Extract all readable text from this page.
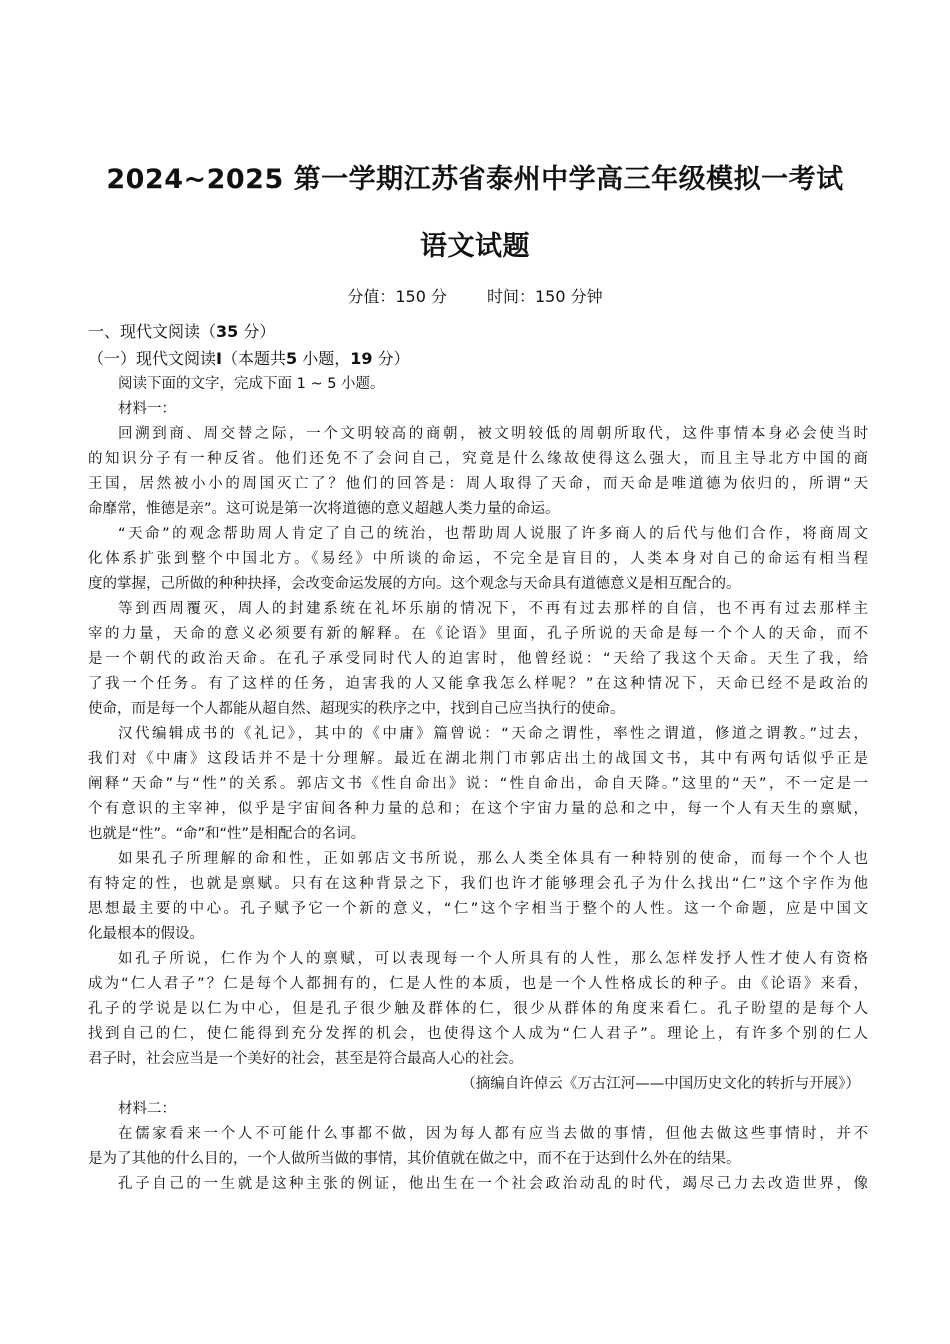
2024~2025 第一学期江苏省泰州中学高三年级模拟一考试
语文试题
分值：150 分	时间：150 分钟
一、现代文阅读（35 分）
（一）现代文阅读I（本题共5 小题，19 分）
阅读下面的文字，完成下面 1 ~ 5 小题。
材料一：
回溯到商、周交替之际，一个文明较高的商朝，被文明较低的周朝所取代，这件事情本身必会使当时
的知识分子有一种反省。他们还免不了会问自己，究竟是什么缘故使得这么强大，而且主导北方中国的商
王国，居然被小小的周国灭亡了？他们的回答是：周人取得了天命，而天命是唯道德为依归的，所谓“天
命靡常，惟德是亲”。这可说是第一次将道德的意义超越人类力量的命运。
“天命”的观念帮助周人肯定了自己的统治，也帮助周人说服了许多商人的后代与他们合作，将商周文
化体系扩张到整个中国北方。《易经》中所谈的命运，不完全是盲目的，人类本身对自己的命运有相当程
度的掌握，己所做的种种抉择，会改变命运发展的方向。这个观念与天命具有道德意义是相互配合的。
等到西周覆灭，周人的封建系统在礼坏乐崩的情况下，不再有过去那样的自信，也不再有过去那样主
宰的力量，天命的意义必须要有新的解释。在《论语》里面，孔子所说的天命是每一个个人的天命，而不
是一个朝代的政治天命。在孔子承受同时代人的迫害时，他曾经说：“天给了我这个天命。天生了我，给
了我一个任务。有了这样的任务，迫害我的人又能拿我怎么样呢？”在这种情况下，天命已经不是政治的
使命，而是每一个人都能从超自然、超现实的秩序之中，找到自己应当执行的使命。
汉代编辑成书的《礼记》，其中的《中庸》篇曾说：“天命之谓性，率性之谓道，修道之谓教。”过去，
我们对《中庸》这段话并不是十分理解。最近在湖北荆门市郭店出土的战国文书，其中有两句话似乎正是
阐释“天命”与“性”的关系。郭店文书《性自命出》说：“性自命出，命自天降。”这里的“天”，不一定是一
个有意识的主宰神，似乎是宇宙间各种力量的总和；在这个宇宙力量的总和之中，每一个人有天生的禀赋，
也就是“性”。“命”和“性”是相配合的名词。
如果孔子所理解的命和性，正如郭店文书所说，那么人类全体具有一种特别的使命，而每一个个人也
有特定的性，也就是禀赋。只有在这种背景之下，我们也许才能够理会孔子为什么找出“仁”这个字作为他
思想最主要的中心。孔子赋予它一个新的意义，“仁”这个字相当于整个的人性。这一个命题，应是中国文
化最根本的假设。
如孔子所说，仁作为个人的禀赋，可以表现每一个人所具有的人性，那么怎样发抒人性才使人有资格
成为“仁人君子”？仁是每个人都拥有的，仁是人性的本质，也是一个人性格成长的种子。由《论语》来看，
孔子的学说是以仁为中心，但是孔子很少触及群体的仁，很少从群体的角度来看仁。孔子盼望的是每个人
找到自己的仁，使仁能得到充分发挥的机会，也使得这个人成为“仁人君子”。理论上，有许多个别的仁人
君子时，社会应当是一个美好的社会，甚至是符合最高人心的社会。
（摘编自许倬云《万古江河——中国历史文化的转折与开展》）
材料二：
在儒家看来一个人不可能什么事都不做，因为每人都有应当去做的事情，但他去做这些事情时，并不
是为了其他的什么目的，一个人做所当做的事情，其价值就在做之中，而不在于达到什么外在的结果。
孔子自己的一生就是这种主张的例证，他出生在一个社会政治动乱的时代，竭尽己力去改造世界，像
